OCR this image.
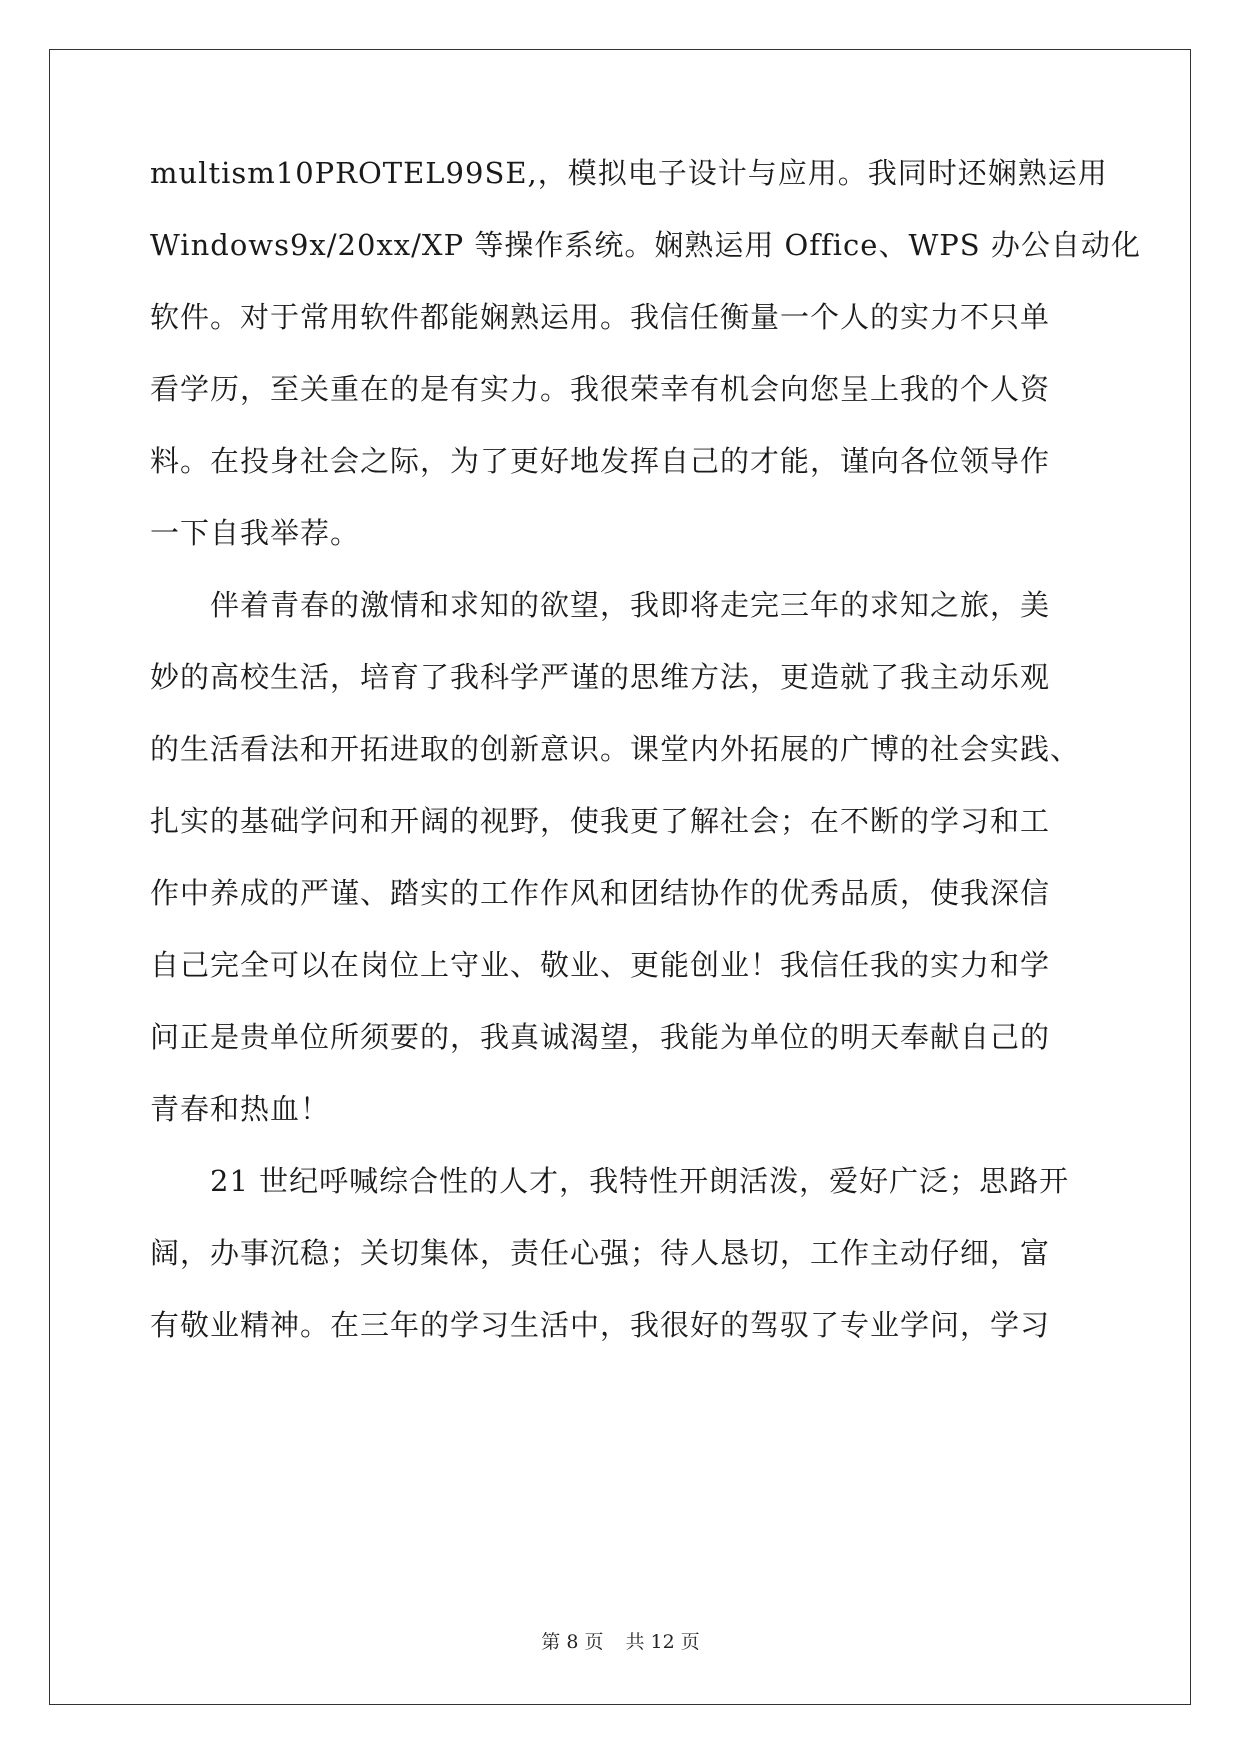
multism10PROTEL99SE,，模拟电子设计与应用。我同时还娴熟运用
Windows9x/20xx/XP 等操作系统。娴熟运用 Office、WPS 办公自动化
软件。对于常用软件都能娴熟运用。我信任衡量一个人的实力不只单
看学历，至关重在的是有实力。我很荣幸有机会向您呈上我的个人资
料。在投身社会之际，为了更好地发挥自己的才能，谨向各位领导作
一下自我举荐。
　　伴着青春的激情和求知的欲望，我即将走完三年的求知之旅，美
妙的高校生活，培育了我科学严谨的思维方法，更造就了我主动乐观
的生活看法和开拓进取的创新意识。课堂内外拓展的广博的社会实践、
扎实的基础学问和开阔的视野，使我更了解社会；在不断的学习和工
作中养成的严谨、踏实的工作作风和团结协作的优秀品质，使我深信
自己完全可以在岗位上守业、敬业、更能创业！我信任我的实力和学
问正是贵单位所须要的，我真诚渴望，我能为单位的明天奉献自己的
青春和热血！
　　21 世纪呼喊综合性的人才，我特性开朗活泼，爱好广泛；思路开
阔，办事沉稳；关切集体，责任心强；待人恳切，工作主动仔细，富
有敬业精神。在三年的学习生活中，我很好的驾驭了专业学问，学习
第 8 页 共 12 页
